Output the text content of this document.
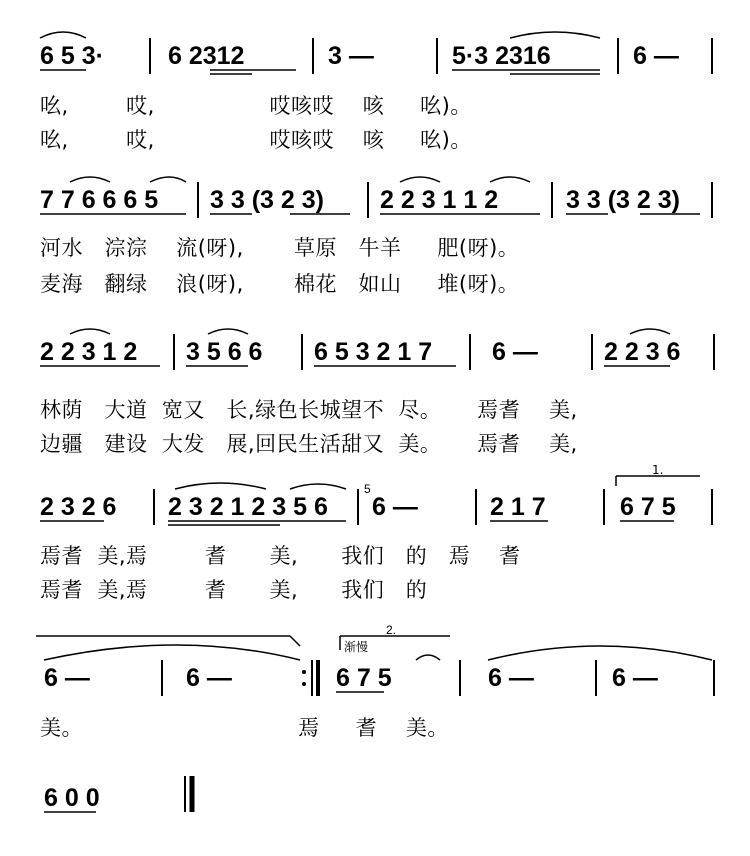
6 5 3·	6 2312	3 —	5·3 2316	6 —
7 7 6 6 6 5 3 3 (3 2 3) 2 2 3 1 1 2	3 3 (3 2 3)
2 2 3 1 2 3 5 6 6 6 5 3 2 1 7 6 —	2 2 3 6
2 3 2 6 2 3 2 1 2 3 5 6 6 —	2 1 7	6 7 5
1.
5
6 —	6 —	6 7 5	6 —	6 —
渐慢
2.
6 0 0
吆,        哎,                哎咳哎    咳     吆)。
吆,        哎,                哎咳哎    咳     吆)。
河水   淙淙    流(呀),       草原   牛羊     肥(呀)。
麦海   翻绿    浪(呀),       棉花   如山     堆(呀)。
林荫   大道  宽又   长,绿色长城望不  尽。     焉耆    美,
边疆   建设  大发   展,回民生活甜又  美。     焉耆    美,
焉耆  美,焉        耆      美,      我们   的   焉    耆
焉耆  美,焉        耆      美,      我们   的
美。                              焉     耆    美。
